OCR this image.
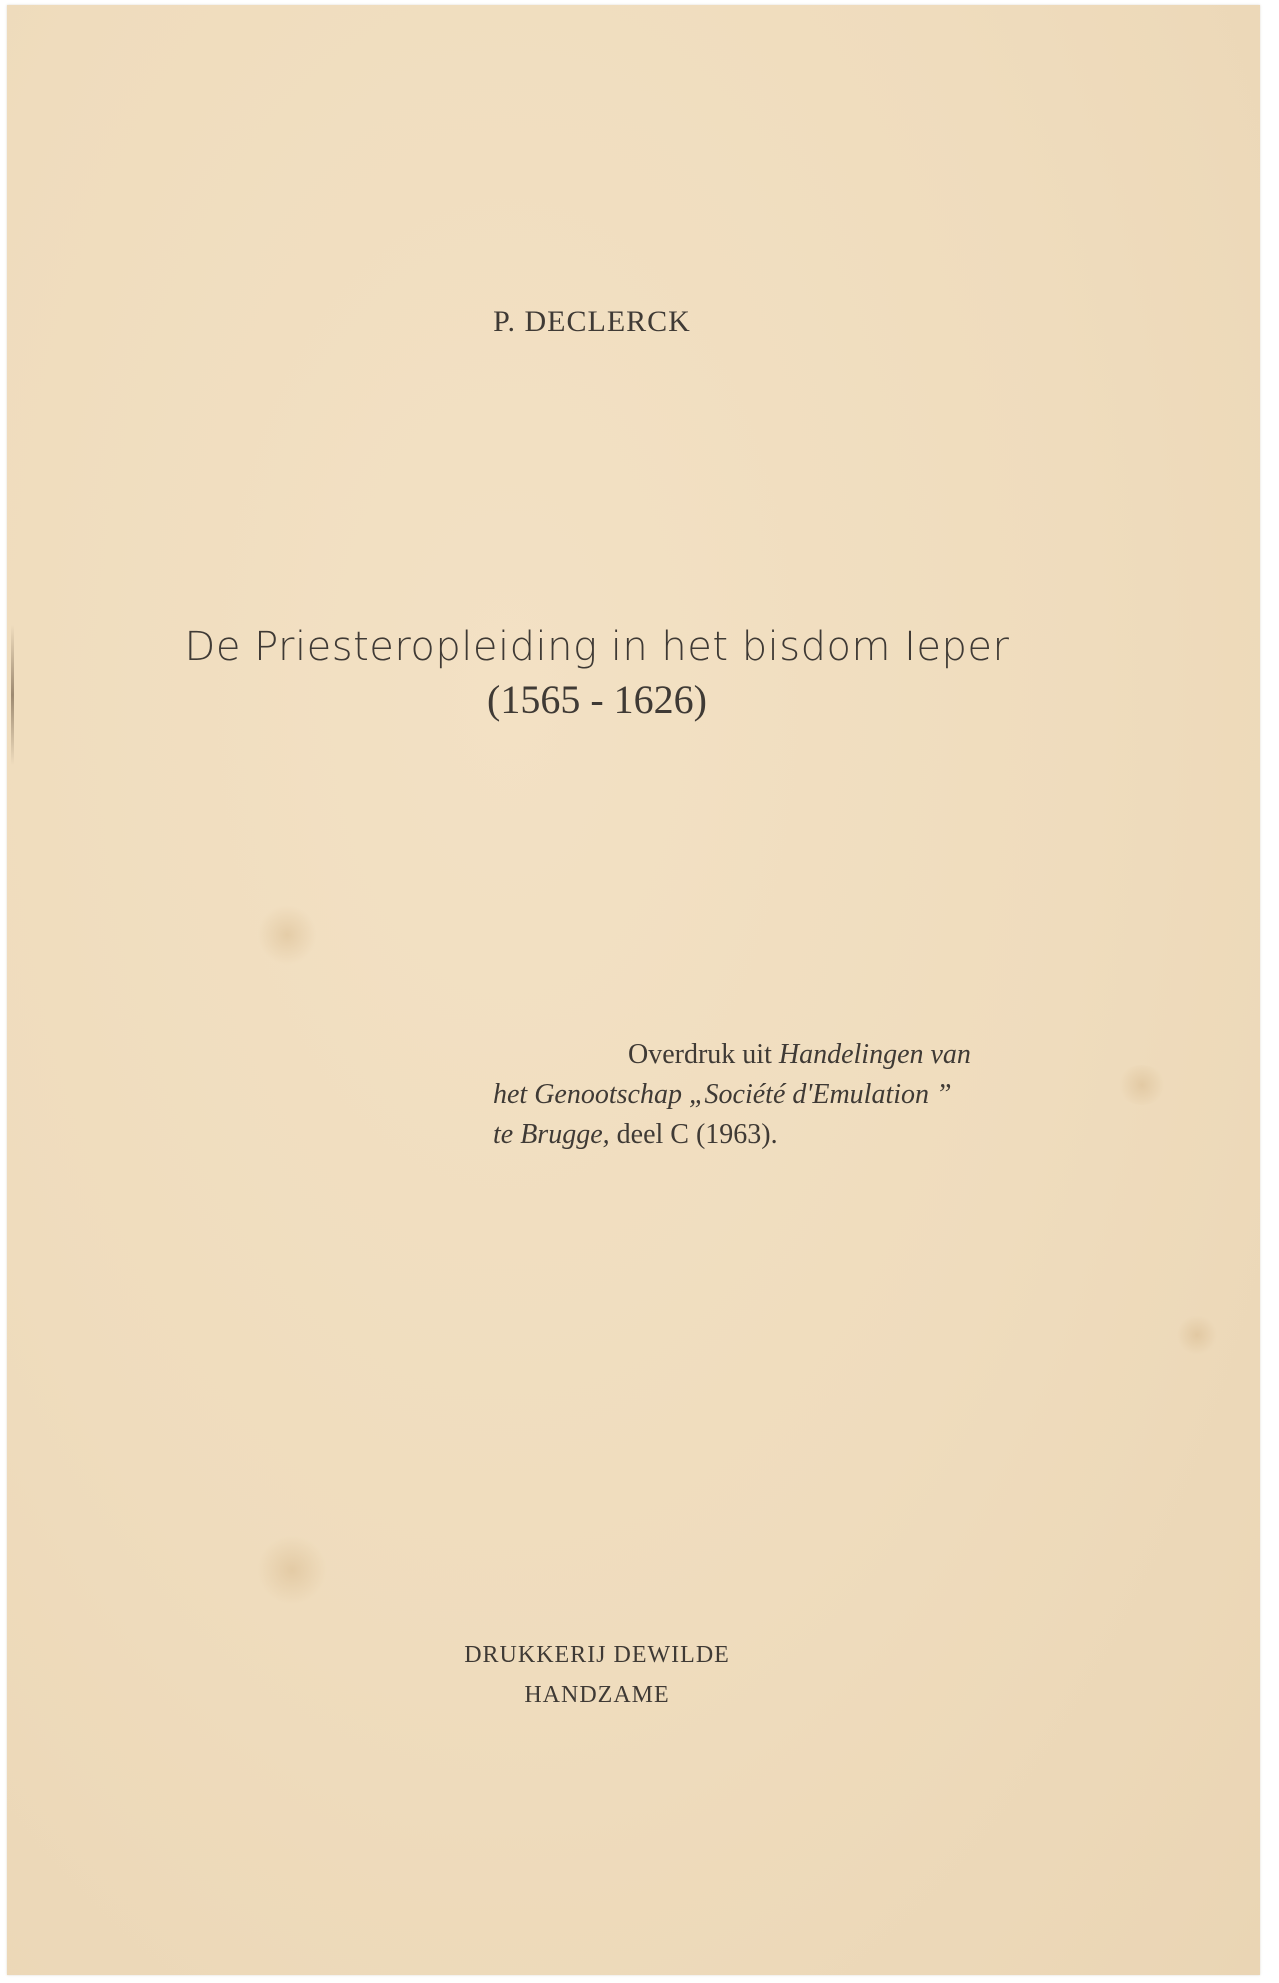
P. DECLERCK
De Priesteropleiding in het bisdom Ieper
(1565 - 1626)
Overdruk uit Handelingen van
het Genootschap „Société d'Emulation ”
te Brugge, deel C (1963).
DRUKKERIJ DEWILDE
HANDZAME
